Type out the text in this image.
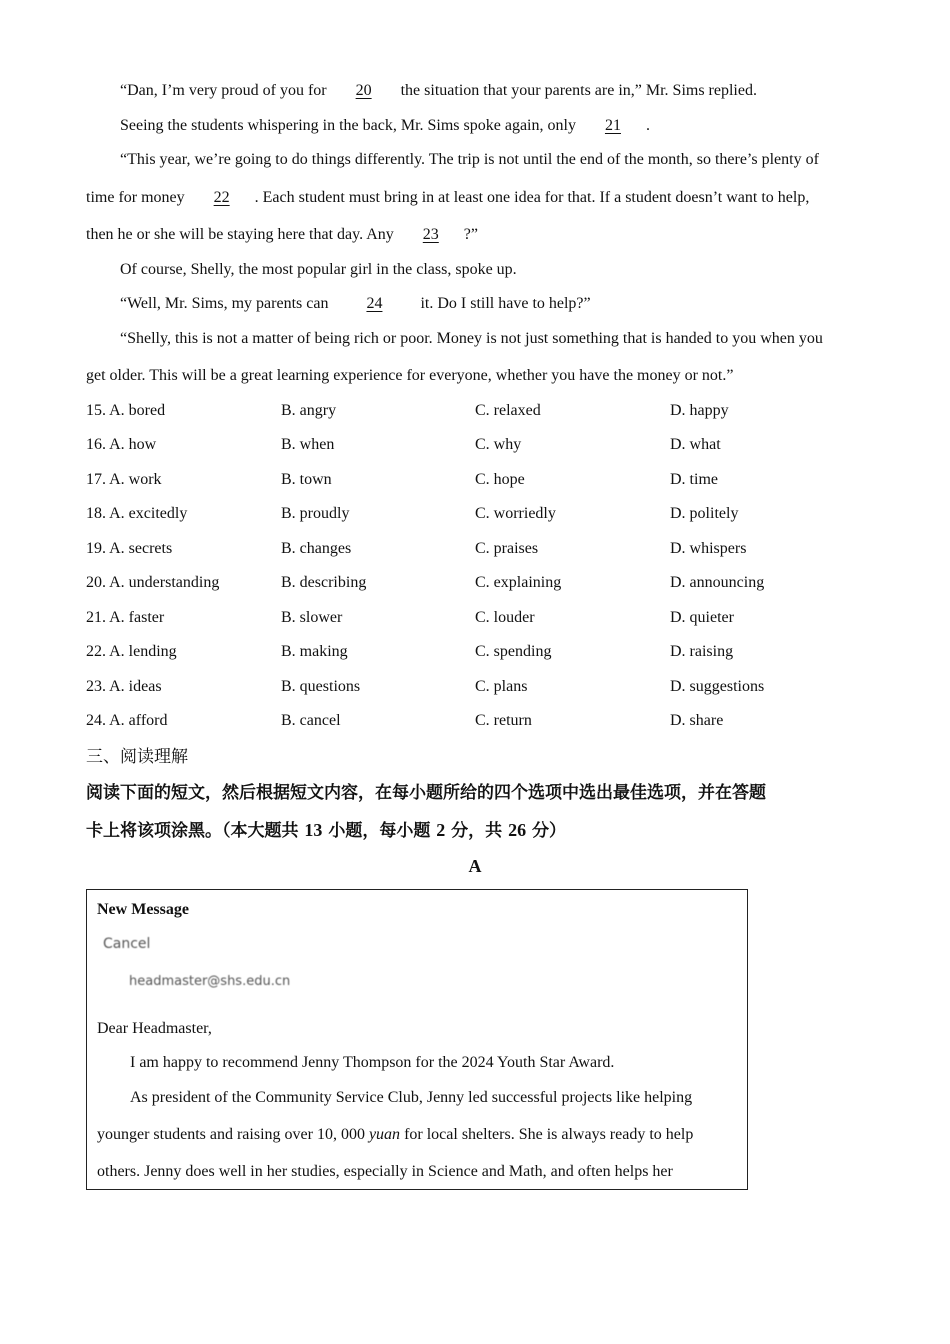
“Dan, I’m very proud of you for 20 the situation that your parents are in,” Mr. Sims replied.
Seeing the students whispering in the back, Mr. Sims spoke again, only 21 .
“This year, we’re going to do things differently. The trip is not until the end of the month, so there’s plenty of
time for money 22 . Each student must bring in at least one idea for that. If a student doesn’t want to help,
then he or she will be staying here that day. Any 23 ?”
Of course, Shelly, the most popular girl in the class, spoke up.
“Well, Mr. Sims, my parents can 24 it. Do I still have to help?”
“Shelly, this is not a matter of being rich or poor. Money is not just something that is handed to you when you
get older. This will be a great learning experience for everyone, whether you have the money or not.”
15. A. bored	B. angry	C. relaxed	D. happy
16. A. how	B. when	C. why	D. what
17. A. work	B. town	C. hope	D. time
18. A. excitedly	B. proudly	C. worriedly	D. politely
19. A. secrets	B. changes	C. praises	D. whispers
20. A. understanding	B. describing	C. explaining	D. announcing
21. A. faster	B. slower	C. louder	D. quieter
22. A. lending	B. making	C. spending	D. raising
23. A. ideas	B. questions	C. plans	D. suggestions
24. A. afford	B. cancel	C. return	D. share
三、阅读理解
阅读下面的短文，然后根据短文内容，在每小题所给的四个选项中选出最佳选项，并在答题
卡上将该项涂黑。（本大题共 13 小题，每小题 2 分，共 26 分）
A
New Message
Cancel
headmaster@shs.edu.cn
Dear Headmaster,
I am happy to recommend Jenny Thompson for the 2024 Youth Star Award.
As president of the Community Service Club, Jenny led successful projects like helping
younger students and raising over 10, 000 yuan for local shelters. She is always ready to help
others. Jenny does well in her studies, especially in Science and Math, and often helps her
